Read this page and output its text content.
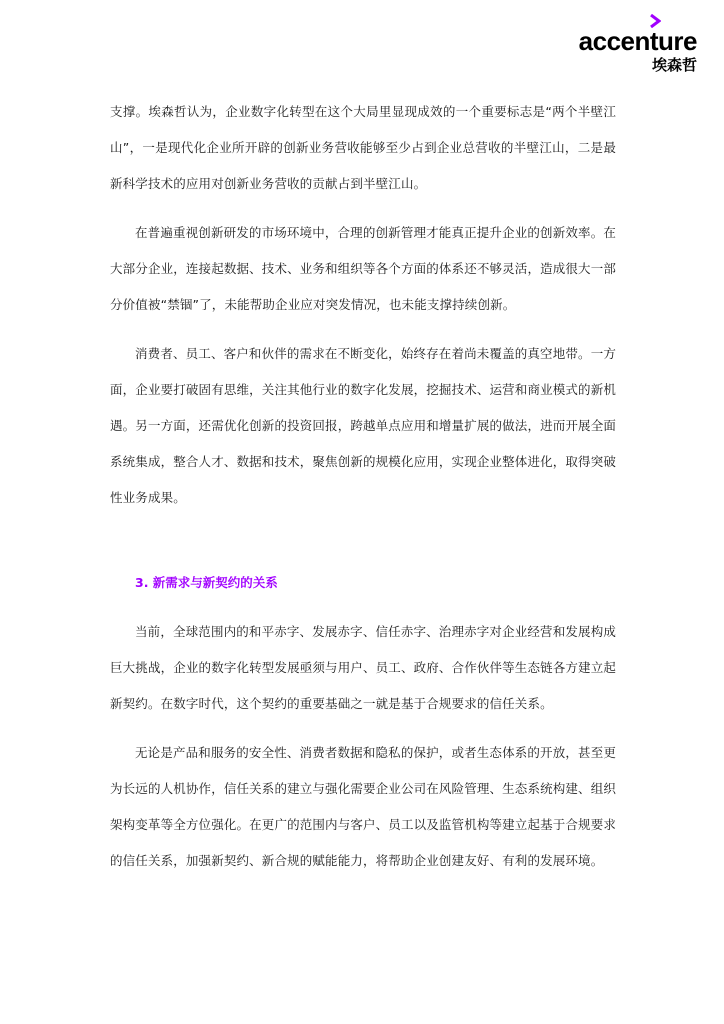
accenture
埃森哲

支撑。埃森哲认为，企业数字化转型在这个大局里显现成效的一个重要标志是“两个半壁江山”，一是现代化企业所开辟的创新业务营收能够至少占到企业总营收的半壁江山，二是最新科学技术的应用对创新业务营收的贡献占到半壁江山。

在普遍重视创新研发的市场环境中，合理的创新管理才能真正提升企业的创新效率。在大部分企业，连接起数据、技术、业务和组织等各个方面的体系还不够灵活，造成很大一部分价值被“禁锢”了，未能帮助企业应对突发情况，也未能支撑持续创新。

消费者、员工、客户和伙伴的需求在不断变化，始终存在着尚未覆盖的真空地带。一方面，企业要打破固有思维，关注其他行业的数字化发展，挖掘技术、运营和商业模式的新机遇。另一方面，还需优化创新的投资回报，跨越单点应用和增量扩展的做法，进而开展全面系统集成，整合人才、数据和技术，聚焦创新的规模化应用，实现企业整体进化，取得突破性业务成果。

3. 新需求与新契约的关系

当前，全球范围内的和平赤字、发展赤字、信任赤字、治理赤字对企业经营和发展构成巨大挑战，企业的数字化转型发展亟须与用户、员工、政府、合作伙伴等生态链各方建立起新契约。在数字时代，这个契约的重要基础之一就是基于合规要求的信任关系。

无论是产品和服务的安全性、消费者数据和隐私的保护，或者生态体系的开放，甚至更为长远的人机协作，信任关系的建立与强化需要企业公司在风险管理、生态系统构建、组织架构变革等全方位强化。在更广的范围内与客户、员工以及监管机构等建立起基于合规要求的信任关系，加强新契约、新合规的赋能能力，将帮助企业创建友好、有利的发展环境。
